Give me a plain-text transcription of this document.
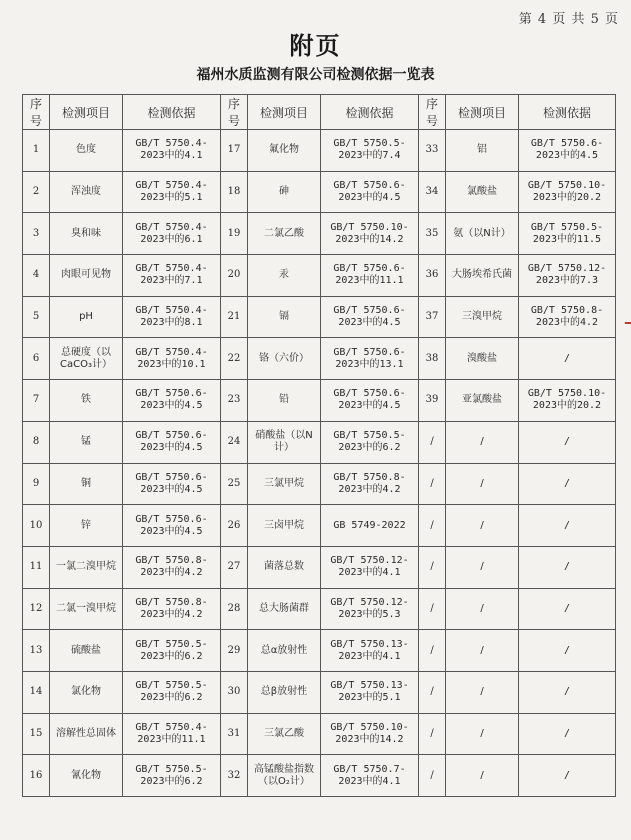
第 4 页 共 5 页
附页
福州水质监测有限公司检测依据一览表
序号	检测项目	检测依据	序号	检测项目	检测依据	序号	检测项目	检测依据
1	色度	GB/T 5750.4-2023中的4.1	17	氟化物	GB/T 5750.5-2023中的7.4	33	铝	GB/T 5750.6-2023中的4.5
2	浑浊度	GB/T 5750.4-2023中的5.1	18	砷	GB/T 5750.6-2023中的4.5	34	氯酸盐	GB/T 5750.10-2023中的20.2
3	臭和味	GB/T 5750.4-2023中的6.1	19	二氯乙酸	GB/T 5750.10-2023中的14.2	35	氨（以N计）	GB/T 5750.5-2023中的11.5
4	肉眼可见物	GB/T 5750.4-2023中的7.1	20	汞	GB/T 5750.6-2023中的11.1	36	大肠埃希氏菌	GB/T 5750.12-2023中的7.3
5	pH	GB/T 5750.4-2023中的8.1	21	镉	GB/T 5750.6-2023中的4.5	37	三溴甲烷	GB/T 5750.8-2023中的4.2
6	总硬度（以CaCO₃计）	GB/T 5750.4-2023中的10.1	22	铬（六价）	GB/T 5750.6-2023中的13.1	38	溴酸盐	/
7	铁	GB/T 5750.6-2023中的4.5	23	铅	GB/T 5750.6-2023中的4.5	39	亚氯酸盐	GB/T 5750.10-2023中的20.2
8	锰	GB/T 5750.6-2023中的4.5	24	硝酸盐（以N计）	GB/T 5750.5-2023中的6.2	/	/	/
9	铜	GB/T 5750.6-2023中的4.5	25	三氯甲烷	GB/T 5750.8-2023中的4.2	/	/	/
10	锌	GB/T 5750.6-2023中的4.5	26	三卤甲烷	GB 5749-2022	/	/	/
11	一氯二溴甲烷	GB/T 5750.8-2023中的4.2	27	菌落总数	GB/T 5750.12-2023中的4.1	/	/	/
12	二氯一溴甲烷	GB/T 5750.8-2023中的4.2	28	总大肠菌群	GB/T 5750.12-2023中的5.3	/	/	/
13	硫酸盐	GB/T 5750.5-2023中的6.2	29	总α放射性	GB/T 5750.13-2023中的4.1	/	/	/
14	氯化物	GB/T 5750.5-2023中的6.2	30	总β放射性	GB/T 5750.13-2023中的5.1	/	/	/
15	溶解性总固体	GB/T 5750.4-2023中的11.1	31	三氯乙酸	GB/T 5750.10-2023中的14.2	/	/	/
16	氰化物	GB/T 5750.5-2023中的6.2	32	高锰酸盐指数（以O₂计）	GB/T 5750.7-2023中的4.1	/	/	/
